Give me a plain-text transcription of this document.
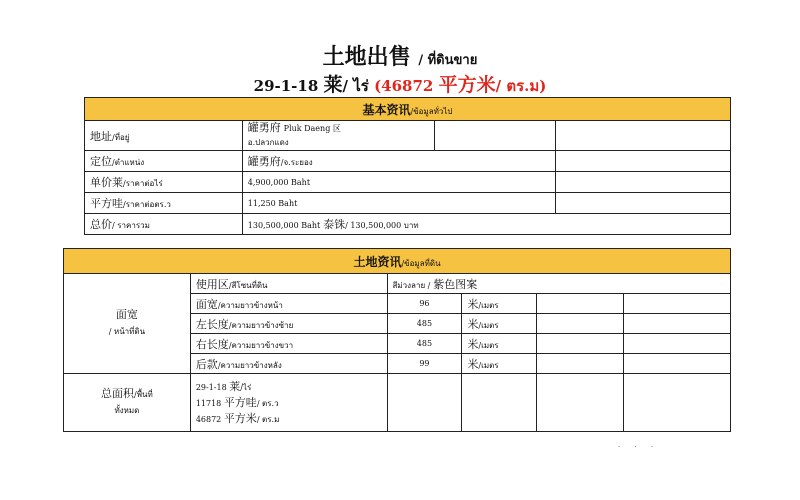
土地出售 / ที่ดินขาย
29-1-18 莱/ ไร่ (46872 平方米/ ตร.ม)
基本资讯/ข้อมูลทั่วไป			
地址/ที่อยู่	罐勇府 Pluk Daeng 区
อ.ปลวกแดง		
定位/ตำแหน่ง	罐勇府/จ.ระยอง		
单价莱/ราคาต่อไร่	4,900,000 Baht		
平方哇/ราคาต่อตร.ว	11,250 Baht		
总价/ ราคารวม	130,500,000 Baht 泰铢/ 130,500,000 บาท		
土地资讯/ข้อมูลที่ดิน					
面宽
/ หน้าที่ดิน	使用区/สีโซนที่ดิน	สีม่วงลาย / 紫色图案			
	面宽/ความยาวข้างหน้า	96	米/เมตร		
	左长度/ความยาวข้างซ้าย	485	米/เมตร		
	右长度/ความยาวข้างขวา	485	米/เมตร		
	后款/ความยาวข้างหลัง	99	米/เมตร		
总面积/พื้นที่
ทั้งหมด	29-1-18 莱/ไร่
11718 平方哇/ ตร.ว
46872 平方米/ ตร.ม				
· · ·
